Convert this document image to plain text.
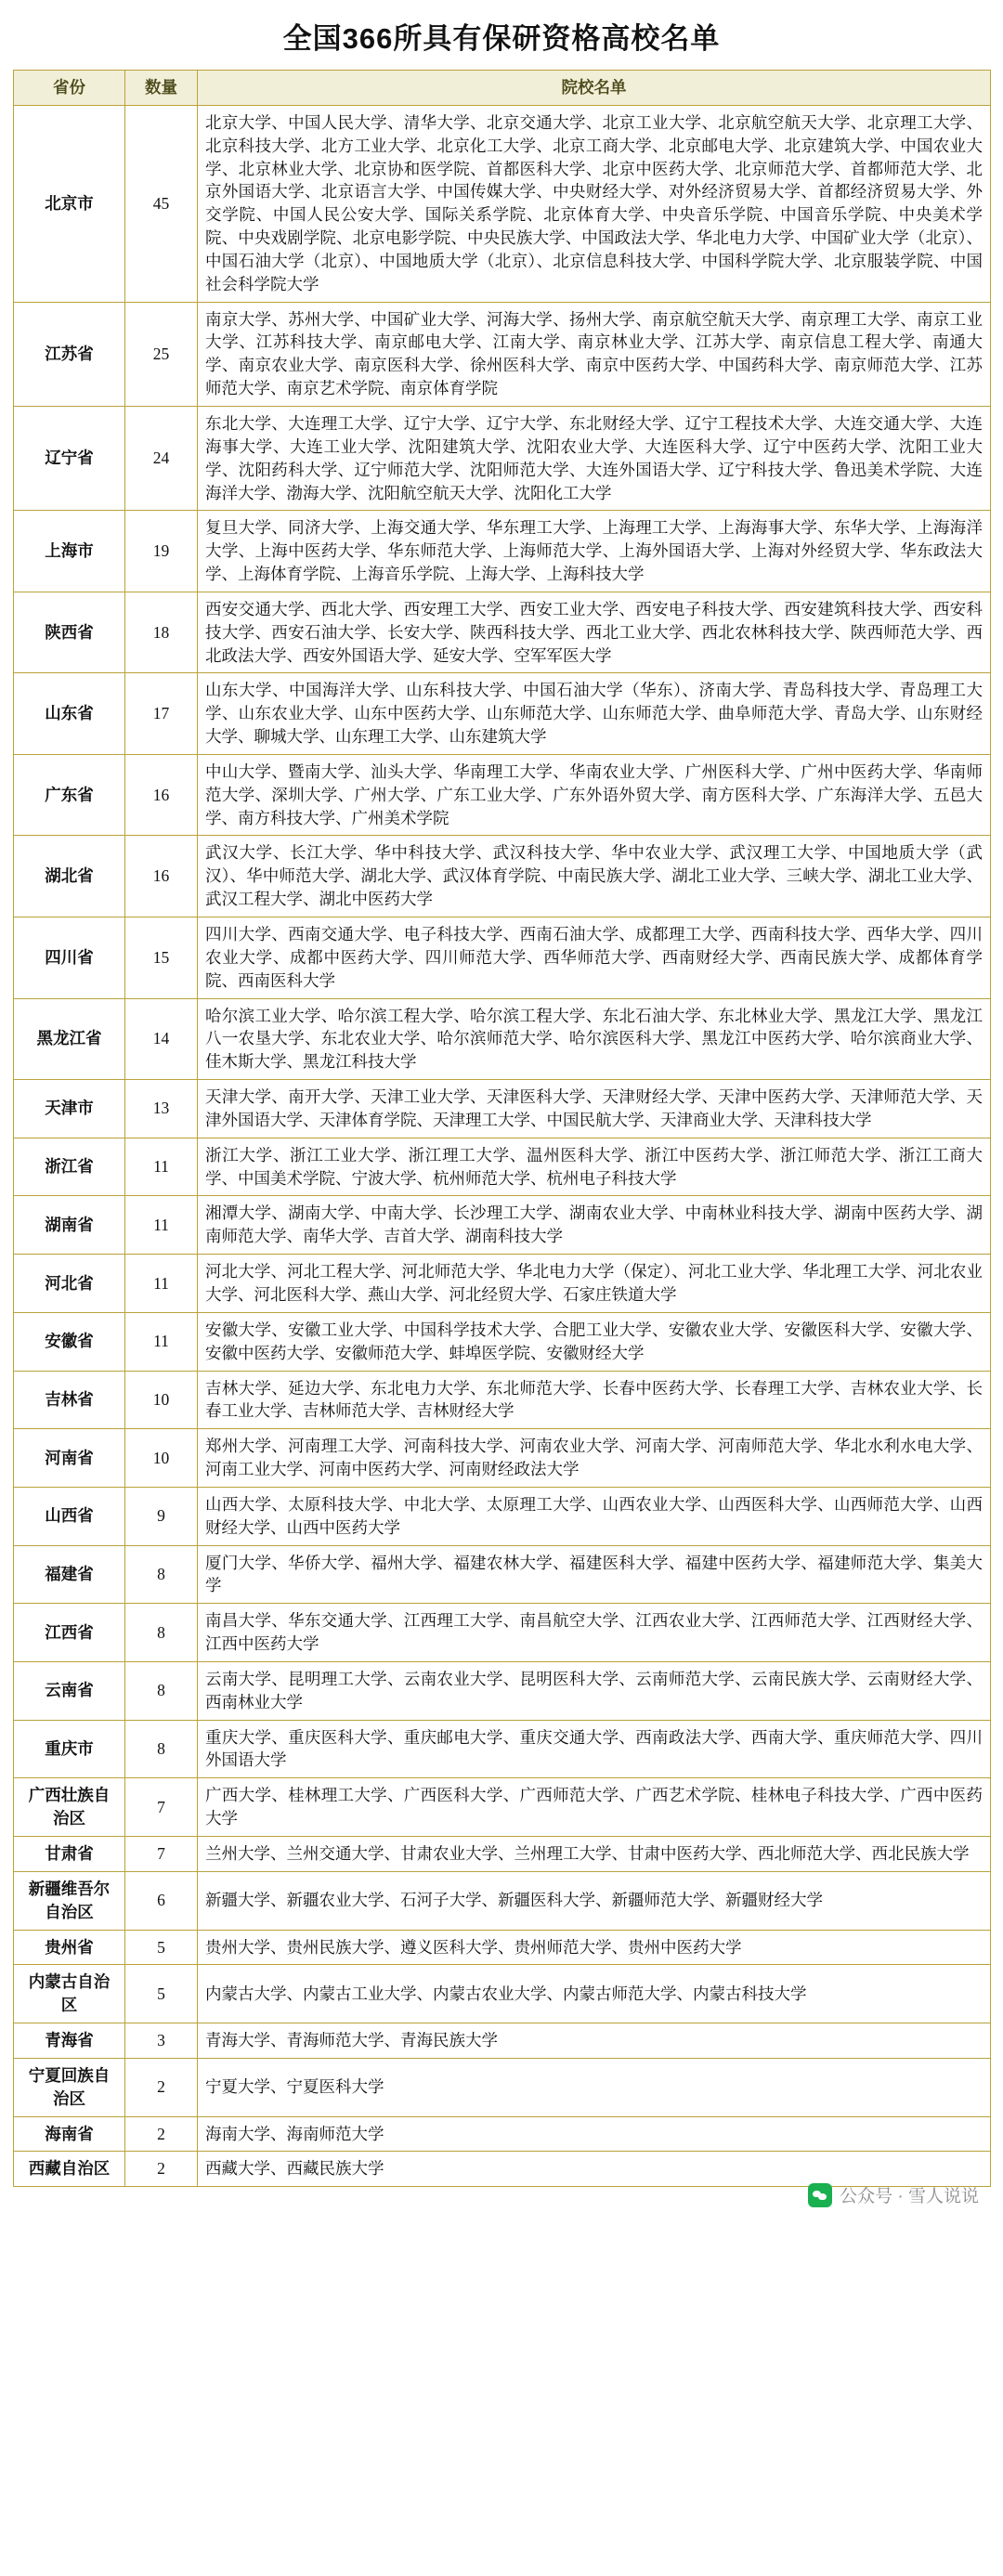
全国366所具有保研资格高校名单
省份	数量	院校名单
北京市	45	北京大学、中国人民大学、清华大学、北京交通大学、北京工业大学、北京航空航天大学、北京理工大学、北京科技大学、北方工业大学、北京化工大学、北京工商大学、北京邮电大学、北京建筑大学、中国农业大学、北京林业大学、北京协和医学院、首都医科大学、北京中医药大学、北京师范大学、首都师范大学、北京外国语大学、北京语言大学、中国传媒大学、中央财经大学、对外经济贸易大学、首都经济贸易大学、外交学院、中国人民公安大学、国际关系学院、北京体育大学、中央音乐学院、中国音乐学院、中央美术学院、中央戏剧学院、北京电影学院、中央民族大学、中国政法大学、华北电力大学、中国矿业大学（北京）、中国石油大学（北京）、中国地质大学（北京）、北京信息科技大学、中国科学院大学、北京服装学院、中国社会科学院大学
江苏省	25	南京大学、苏州大学、中国矿业大学、河海大学、扬州大学、南京航空航天大学、南京理工大学、南京工业大学、江苏科技大学、南京邮电大学、江南大学、南京林业大学、江苏大学、南京信息工程大学、南通大学、南京农业大学、南京医科大学、徐州医科大学、南京中医药大学、中国药科大学、南京师范大学、江苏师范大学、南京艺术学院、南京体育学院
辽宁省	24	东北大学、大连理工大学、辽宁大学、辽宁大学、东北财经大学、辽宁工程技术大学、大连交通大学、大连海事大学、大连工业大学、沈阳建筑大学、沈阳农业大学、大连医科大学、辽宁中医药大学、沈阳工业大学、沈阳药科大学、辽宁师范大学、沈阳师范大学、大连外国语大学、辽宁科技大学、鲁迅美术学院、大连海洋大学、渤海大学、沈阳航空航天大学、沈阳化工大学
上海市	19	复旦大学、同济大学、上海交通大学、华东理工大学、上海理工大学、上海海事大学、东华大学、上海海洋大学、上海中医药大学、华东师范大学、上海师范大学、上海外国语大学、上海对外经贸大学、华东政法大学、上海体育学院、上海音乐学院、上海大学、上海科技大学
陕西省	18	西安交通大学、西北大学、西安理工大学、西安工业大学、西安电子科技大学、西安建筑科技大学、西安科技大学、西安石油大学、长安大学、陕西科技大学、西北工业大学、西北农林科技大学、陕西师范大学、西北政法大学、西安外国语大学、延安大学、空军军医大学
山东省	17	山东大学、中国海洋大学、山东科技大学、中国石油大学（华东）、济南大学、青岛科技大学、青岛理工大学、山东农业大学、山东中医药大学、山东师范大学、山东师范大学、曲阜师范大学、青岛大学、山东财经大学、聊城大学、山东理工大学、山东建筑大学
广东省	16	中山大学、暨南大学、汕头大学、华南理工大学、华南农业大学、广州医科大学、广州中医药大学、华南师范大学、深圳大学、广州大学、广东工业大学、广东外语外贸大学、南方医科大学、广东海洋大学、五邑大学、南方科技大学、广州美术学院
湖北省	16	武汉大学、长江大学、华中科技大学、武汉科技大学、华中农业大学、武汉理工大学、中国地质大学（武汉）、华中师范大学、湖北大学、武汉体育学院、中南民族大学、湖北工业大学、三峡大学、湖北工业大学、武汉工程大学、湖北中医药大学
四川省	15	四川大学、西南交通大学、电子科技大学、西南石油大学、成都理工大学、西南科技大学、西华大学、四川农业大学、成都中医药大学、四川师范大学、西华师范大学、西南财经大学、西南民族大学、成都体育学院、西南医科大学
黑龙江省	14	哈尔滨工业大学、哈尔滨工程大学、哈尔滨工程大学、东北石油大学、东北林业大学、黑龙江大学、黑龙江八一农垦大学、东北农业大学、哈尔滨师范大学、哈尔滨医科大学、黑龙江中医药大学、哈尔滨商业大学、佳木斯大学、黑龙江科技大学
天津市	13	天津大学、南开大学、天津工业大学、天津医科大学、天津财经大学、天津中医药大学、天津师范大学、天津外国语大学、天津体育学院、天津理工大学、中国民航大学、天津商业大学、天津科技大学
浙江省	11	浙江大学、浙江工业大学、浙江理工大学、温州医科大学、浙江中医药大学、浙江师范大学、浙江工商大学、中国美术学院、宁波大学、杭州师范大学、杭州电子科技大学
湖南省	11	湘潭大学、湖南大学、中南大学、长沙理工大学、湖南农业大学、中南林业科技大学、湖南中医药大学、湖南师范大学、南华大学、吉首大学、湖南科技大学
河北省	11	河北大学、河北工程大学、河北师范大学、华北电力大学（保定）、河北工业大学、华北理工大学、河北农业大学、河北医科大学、燕山大学、河北经贸大学、石家庄铁道大学
安徽省	11	安徽大学、安徽工业大学、中国科学技术大学、合肥工业大学、安徽农业大学、安徽医科大学、安徽大学、安徽中医药大学、安徽师范大学、蚌埠医学院、安徽财经大学
吉林省	10	吉林大学、延边大学、东北电力大学、东北师范大学、长春中医药大学、长春理工大学、吉林农业大学、长春工业大学、吉林师范大学、吉林财经大学
河南省	10	郑州大学、河南理工大学、河南科技大学、河南农业大学、河南大学、河南师范大学、华北水利水电大学、河南工业大学、河南中医药大学、河南财经政法大学
山西省	9	山西大学、太原科技大学、中北大学、太原理工大学、山西农业大学、山西医科大学、山西师范大学、山西财经大学、山西中医药大学
福建省	8	厦门大学、华侨大学、福州大学、福建农林大学、福建医科大学、福建中医药大学、福建师范大学、集美大学
江西省	8	南昌大学、华东交通大学、江西理工大学、南昌航空大学、江西农业大学、江西师范大学、江西财经大学、江西中医药大学
云南省	8	云南大学、昆明理工大学、云南农业大学、昆明医科大学、云南师范大学、云南民族大学、云南财经大学、西南林业大学
重庆市	8	重庆大学、重庆医科大学、重庆邮电大学、重庆交通大学、西南政法大学、西南大学、重庆师范大学、四川外国语大学
广西壮族自治区	7	广西大学、桂林理工大学、广西医科大学、广西师范大学、广西艺术学院、桂林电子科技大学、广西中医药大学
甘肃省	7	兰州大学、兰州交通大学、甘肃农业大学、兰州理工大学、甘肃中医药大学、西北师范大学、西北民族大学
新疆维吾尔自治区	6	新疆大学、新疆农业大学、石河子大学、新疆医科大学、新疆师范大学、新疆财经大学
贵州省	5	贵州大学、贵州民族大学、遵义医科大学、贵州师范大学、贵州中医药大学
内蒙古自治区	5	内蒙古大学、内蒙古工业大学、内蒙古农业大学、内蒙古师范大学、内蒙古科技大学
青海省	3	青海大学、青海师范大学、青海民族大学
宁夏回族自治区	2	宁夏大学、宁夏医科大学
海南省	2	海南大学、海南师范大学
西藏自治区	2	西藏大学、西藏民族大学
公众号 · 雪人说说
